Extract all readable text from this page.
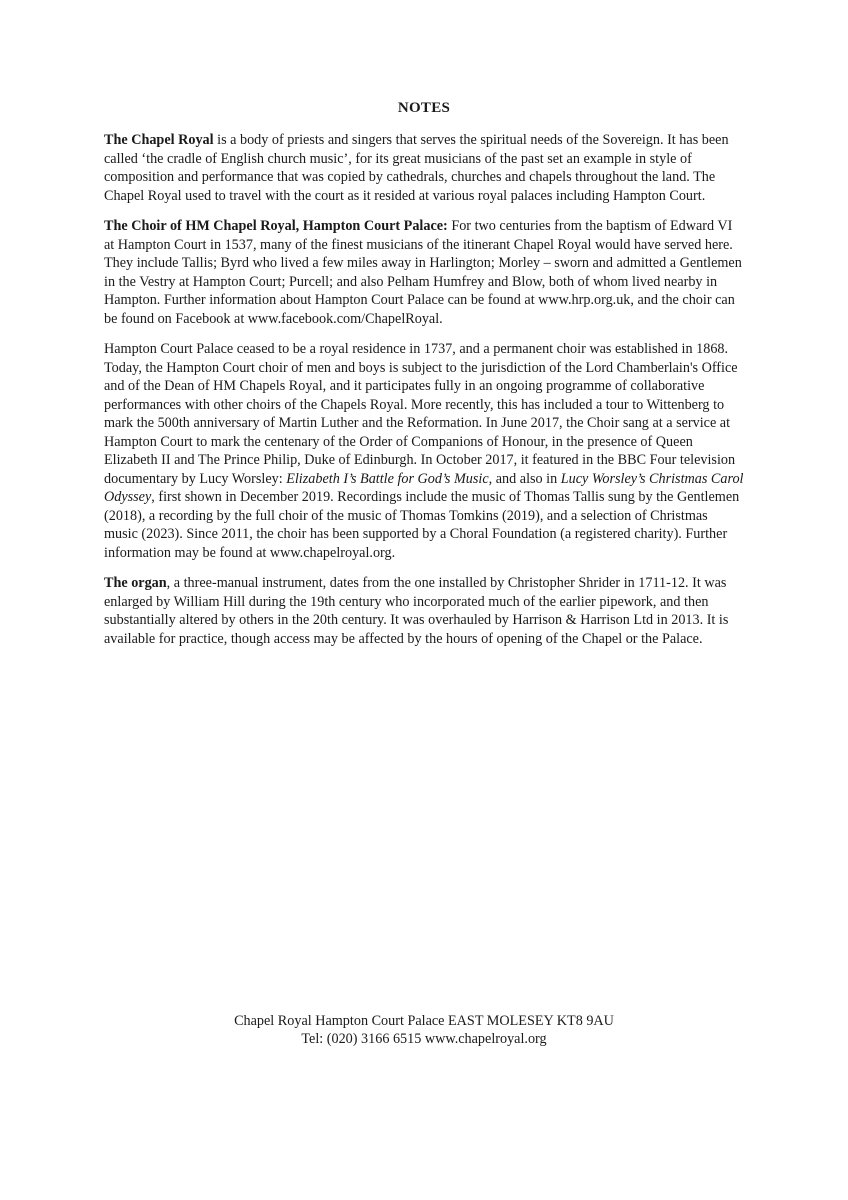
NOTES

The Chapel Royal is a body of priests and singers that serves the spiritual needs of the Sovereign. It has been called ‘the cradle of English church music’, for its great musicians of the past set an example in style of composition and performance that was copied by cathedrals, churches and chapels throughout the land. The Chapel Royal used to travel with the court as it resided at various royal palaces including Hampton Court.

The Choir of HM Chapel Royal, Hampton Court Palace: For two centuries from the baptism of Edward VI at Hampton Court in 1537, many of the finest musicians of the itinerant Chapel Royal would have served here. They include Tallis; Byrd who lived a few miles away in Harlington; Morley – sworn and admitted a Gentlemen in the Vestry at Hampton Court; Purcell; and also Pelham Humfrey and Blow, both of whom lived nearby in Hampton. Further information about Hampton Court Palace can be found at www.hrp.org.uk, and the choir can be found on Facebook at www.facebook.com/ChapelRoyal.

Hampton Court Palace ceased to be a royal residence in 1737, and a permanent choir was established in 1868. Today, the Hampton Court choir of men and boys is subject to the jurisdiction of the Lord Chamberlain's Office and of the Dean of HM Chapels Royal, and it participates fully in an ongoing programme of collaborative performances with other choirs of the Chapels Royal. More recently, this has included a tour to Wittenberg to mark the 500th anniversary of Martin Luther and the Reformation. In June 2017, the Choir sang at a service at Hampton Court to mark the centenary of the Order of Companions of Honour, in the presence of Queen Elizabeth II and The Prince Philip, Duke of Edinburgh. In October 2017, it featured in the BBC Four television documentary by Lucy Worsley: Elizabeth I’s Battle for God’s Music, and also in Lucy Worsley’s Christmas Carol Odyssey, first shown in December 2019. Recordings include the music of Thomas Tallis sung by the Gentlemen (2018), a recording by the full choir of the music of Thomas Tomkins (2019), and a selection of Christmas music (2023). Since 2011, the choir has been supported by a Choral Foundation (a registered charity). Further information may be found at www.chapelroyal.org.

The organ, a three-manual instrument, dates from the one installed by Christopher Shrider in 1711-12. It was enlarged by William Hill during the 19th century who incorporated much of the earlier pipework, and then substantially altered by others in the 20th century. It was overhauled by Harrison & Harrison Ltd in 2013. It is available for practice, though access may be affected by the hours of opening of the Chapel or the Palace.

Chapel Royal Hampton Court Palace EAST MOLESEY KT8 9AU
Tel: (020) 3166 6515 www.chapelroyal.org
